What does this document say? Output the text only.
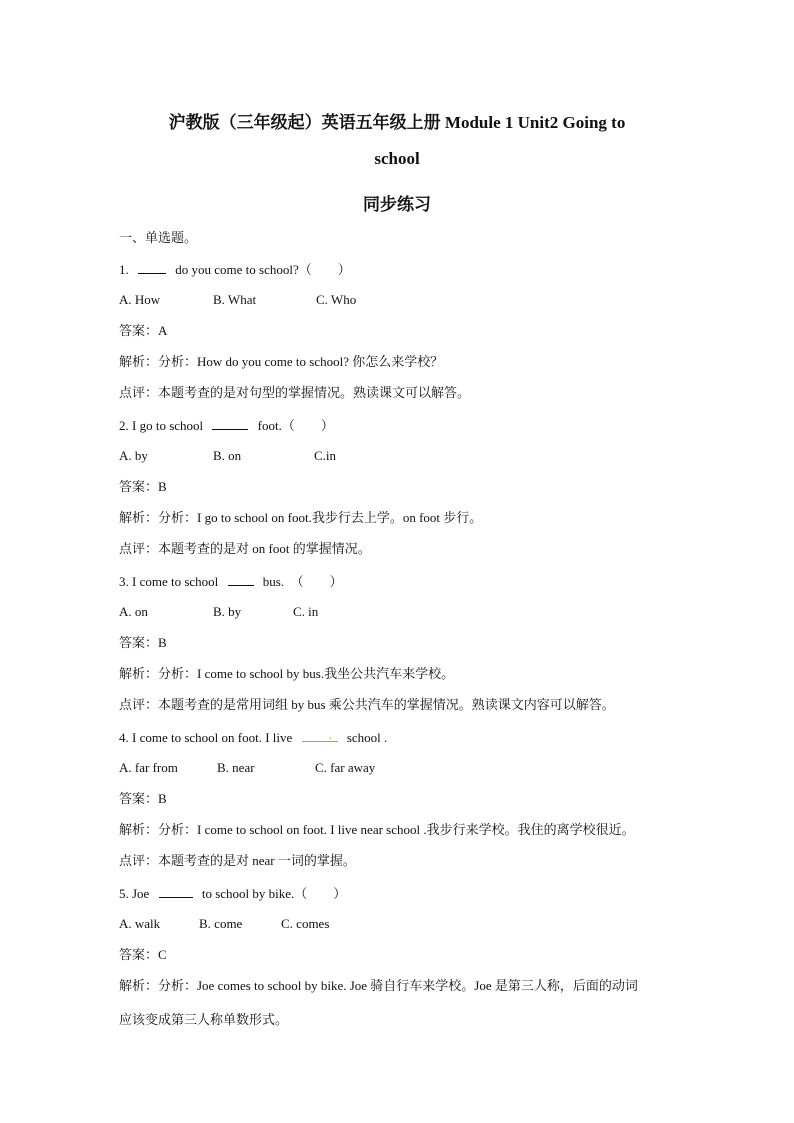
沪教版（三年级起）英语五年级上册 Module 1 Unit2 Going to
school
同步练习
一、单选题。
1.	do you come to school?（　　）
A. How	B. What	C. Who
答案：A
解析：分析：How do you come to school? 你怎么来学校？
点评：本题考查的是对句型的掌握情况。熟读课文可以解答。
2. I go to school	foot.（　　）
A. by	B. on	C.in
答案：B
解析：分析：I go to school on foot.我步行去上学。on foot 步行。
点评：本题考查的是对 on foot 的掌握情况。
3. I come to school	bus.　（　　）
A. on	B. by	C. in
答案：B
解析：分析：I come to school by bus.我坐公共汽车来学校。
点评：本题考查的是常用词组 by bus 乘公共汽车的掌握情况。熟读课文内容可以解答。
4. I come to school on foot. I live .	school .
A. far from	B. near	C. far away
答案：B
解析：分析：I come to school on foot. I live near school .我步行来学校。我住的离学校很近。
点评：本题考查的是对 near 一词的掌握。
5. Joe	to school by bike.（　　）
A. walk	B. come	C. comes
答案：C
解析：分析：Joe comes to school by bike. Joe 骑自行车来学校。Joe 是第三人称，后面的动词
应该变成第三人称单数形式。
